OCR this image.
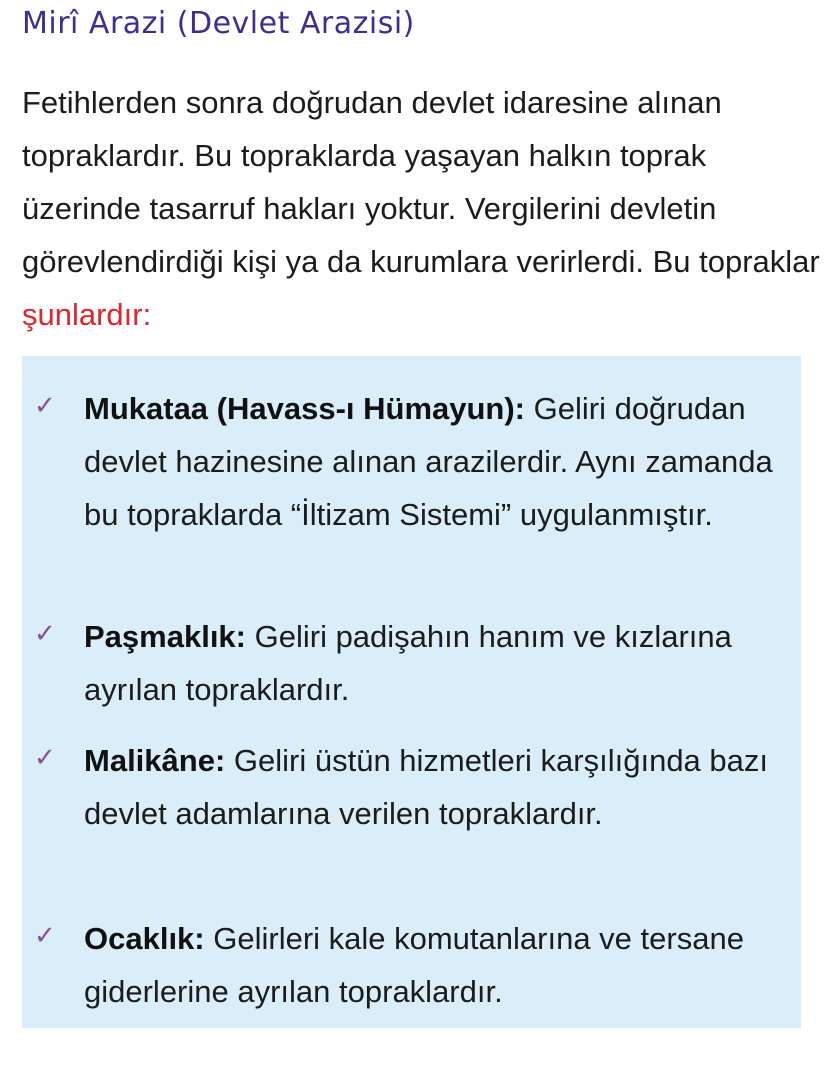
Mirî Arazi (Devlet Arazisi)

Fetihlerden sonra doğrudan devlet idaresine alınan topraklardır. Bu topraklarda yaşayan halkın toprak üzerinde tasarruf hakları yoktur. Vergilerini devletin görevlendirdiği kişi ya da kurumlara verirlerdi. Bu topraklar şunlardır:

✓ Mukataa (Havass-ı Hümayun): Geliri doğrudan devlet hazinesine alınan arazilerdir. Aynı zamanda bu topraklarda “İltizam Sistemi” uygulanmıştır.
✓ Paşmaklık: Geliri padişahın hanım ve kızlarına ayrılan topraklardır.
✓ Malikâne: Geliri üstün hizmetleri karşılığında bazı devlet adamlarına verilen topraklardır.
✓ Ocaklık: Gelirleri kale komutanlarına ve tersane giderlerine ayrılan topraklardır.
